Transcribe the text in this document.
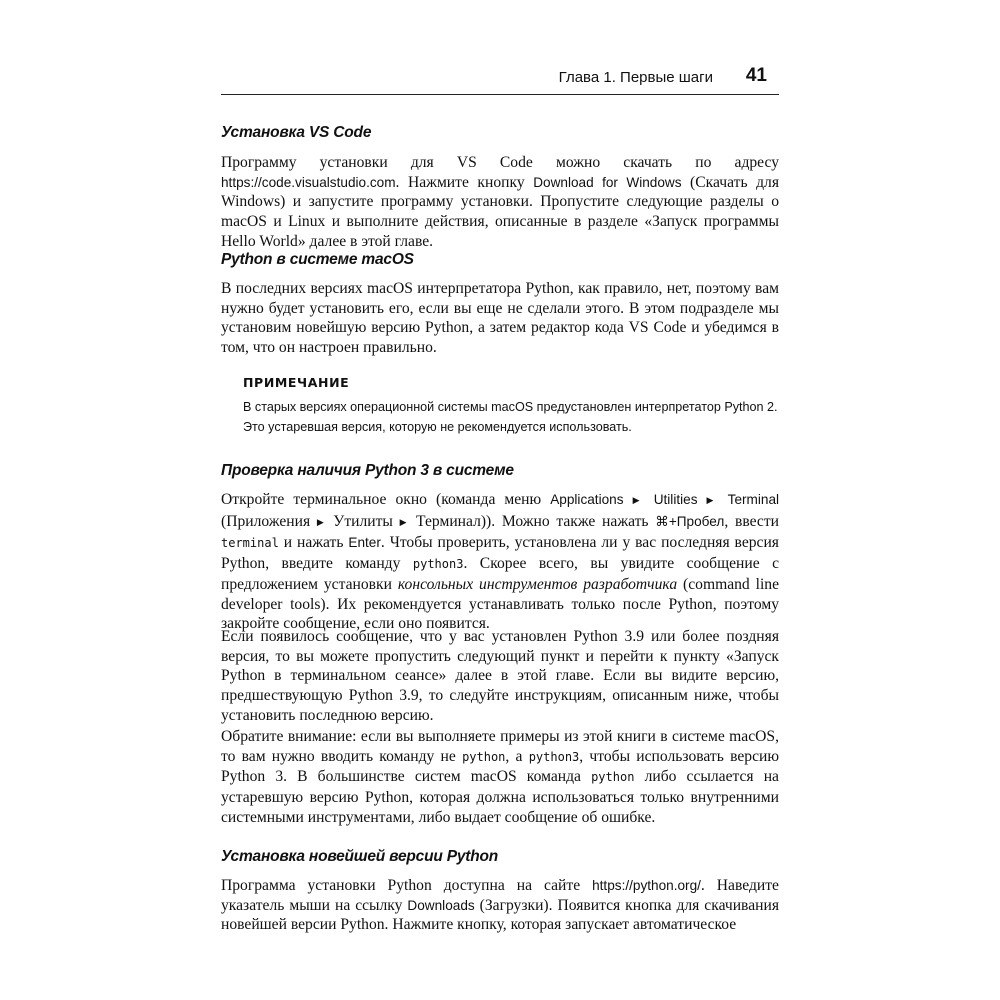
Глава 1. Первые шаги 41
Установка VS Code

Программу установки для VS Code можно скачать по адресу https://code.visualstudio.com. Нажмите кнопку Download for Windows (Скачать для Windows) и запустите программу установки. Пропустите следующие разделы о macOS и Linux и выполните действия, описанные в разделе «Запуск программы Hello World» далее в этой главе.

Python в системе macOS

В последних версиях macOS интерпретатора Python, как правило, нет, поэтому вам нужно будет установить его, если вы еще не сделали этого. В этом подразделе мы установим новейшую версию Python, а затем редактор кода VS Code и убедимся в том, что он настроен правильно.

ПРИМЕЧАНИЕ

В старых версиях операционной системы macOS предустановлен интерпретатор Python 2. Это устаревшая версия, которую не рекомендуется использовать.

Проверка наличия Python 3 в системе

Откройте терминальное окно (команда меню Applications ▶ Utilities ▶ Terminal (Приложения ▶ Утилиты ▶ Терминал)). Можно также нажать ⌘+Пробел, ввести terminal и нажать Enter. Чтобы проверить, установлена ли у вас последняя версия Python, введите команду python3. Скорее всего, вы увидите сообщение с предложением установки консольных инструментов разработчика (command line developer tools). Их рекомендуется устанавливать только после Python, поэтому закройте сообщение, если оно появится.

Если появилось сообщение, что у вас установлен Python 3.9 или более поздняя версия, то вы можете пропустить следующий пункт и перейти к пункту «Запуск Python в терминальном сеансе» далее в этой главе. Если вы видите версию, предшествующую Python 3.9, то следуйте инструкциям, описанным ниже, чтобы установить последнюю версию.

Обратите внимание: если вы выполняете примеры из этой книги в системе macOS, то вам нужно вводить команду не python, а python3, чтобы использовать версию Python 3. В большинстве систем macOS команда python либо ссылается на устаревшую версию Python, которая должна использоваться только внутренними системными инструментами, либо выдает сообщение об ошибке.

Установка новейшей версии Python

Программа установки Python доступна на сайте https://python.org/. Наведите указатель мыши на ссылку Downloads (Загрузки). Появится кнопка для скачивания новейшей версии Python. Нажмите кнопку, которая запускает автоматическое
